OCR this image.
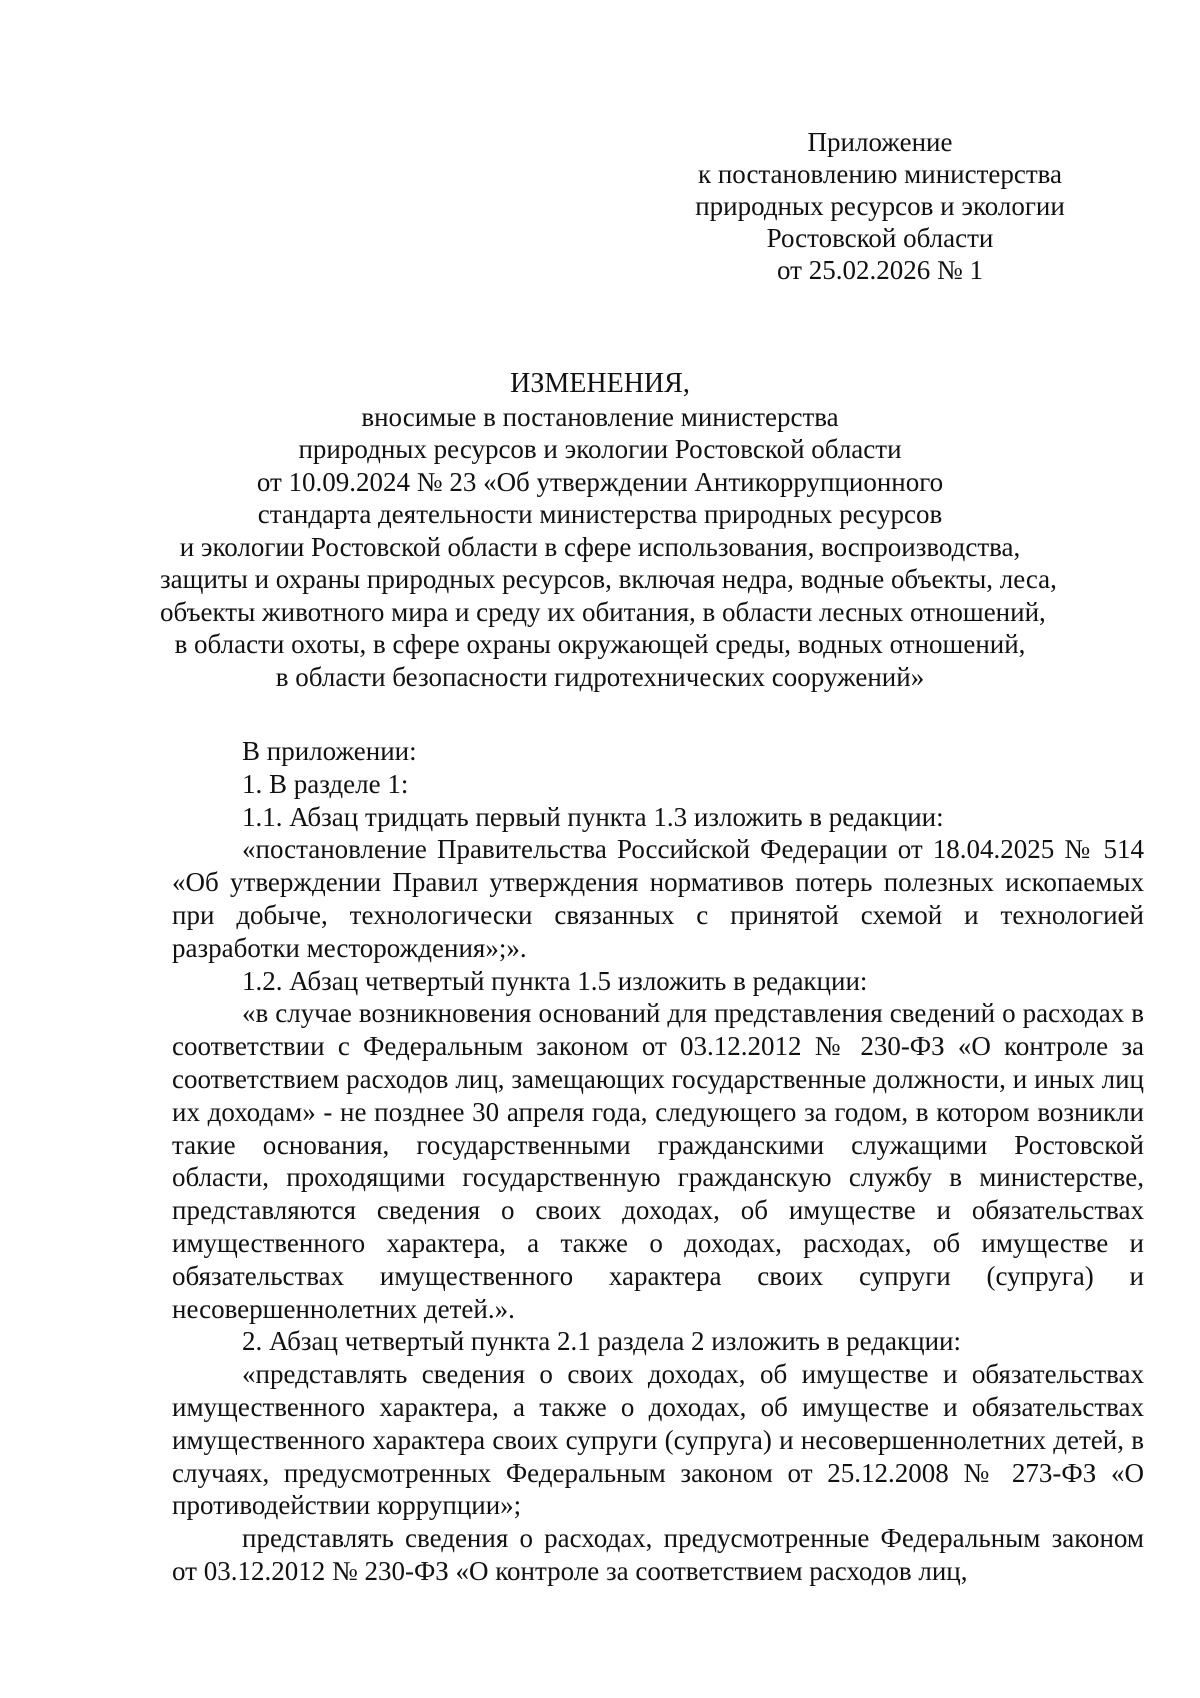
Приложение
к постановлению министерства
природных ресурсов и экологии
Ростовской области
от 25.02.2026 № 1
ИЗМЕНЕНИЯ,
вносимые в постановление министерства
природных ресурсов и экологии Ростовской области
от 10.09.2024 № 23 «Об утверждении Антикоррупционного
стандарта деятельности министерства природных ресурсов
и экологии Ростовской области в сфере использования, воспроизводства,
защиты и охраны природных ресурсов, включая недра, водные объекты, леса,
объекты животного мира и среду их обитания, в области лесных отношений,
в области охоты, в сфере охраны окружающей среды, водных отношений,
в области безопасности гидротехнических сооружений»

В приложении:

1. В разделе 1:

1.1. Абзац тридцать первый пункта 1.3 изложить в редакции:

«постановление Правительства Российской Федерации от 18.04.2025 № 514 «Об утверждении Правил утверждения нормативов потерь полезных ископаемых при добыче, технологически связанных с принятой схемой и технологией разработки месторождения»;».

1.2. Абзац четвертый пункта 1.5 изложить в редакции:

«в случае возникновения оснований для представления сведений о расходах в соответствии с Федеральным законом от 03.12.2012 № 230-ФЗ «О контроле за соответствием расходов лиц, замещающих государственные должности, и иных лиц их доходам» - не позднее 30 апреля года, следующего за годом, в котором возникли такие основания, государственными гражданскими служащими Ростовской области, проходящими государственную гражданскую службу в министерстве, представляются сведения о своих доходах, об имуществе и обязательствах имущественного характера, а также о доходах, расходах, об имуществе и обязательствах имущественного характера своих супруги (супруга) и несовершеннолетних детей.».

2. Абзац четвертый пункта 2.1 раздела 2 изложить в редакции:

«представлять сведения о своих доходах, об имуществе и обязательствах имущественного характера, а также о доходах, об имуществе и обязательствах имущественного характера своих супруги (супруга) и несовершеннолетних детей, в случаях, предусмотренных Федеральным законом от 25.12.2008 № 273-ФЗ «О противодействии коррупции»;

представлять сведения о расходах, предусмотренные Федеральным законом от 03.12.2012 № 230-ФЗ «О контроле за соответствием расходов лиц,
